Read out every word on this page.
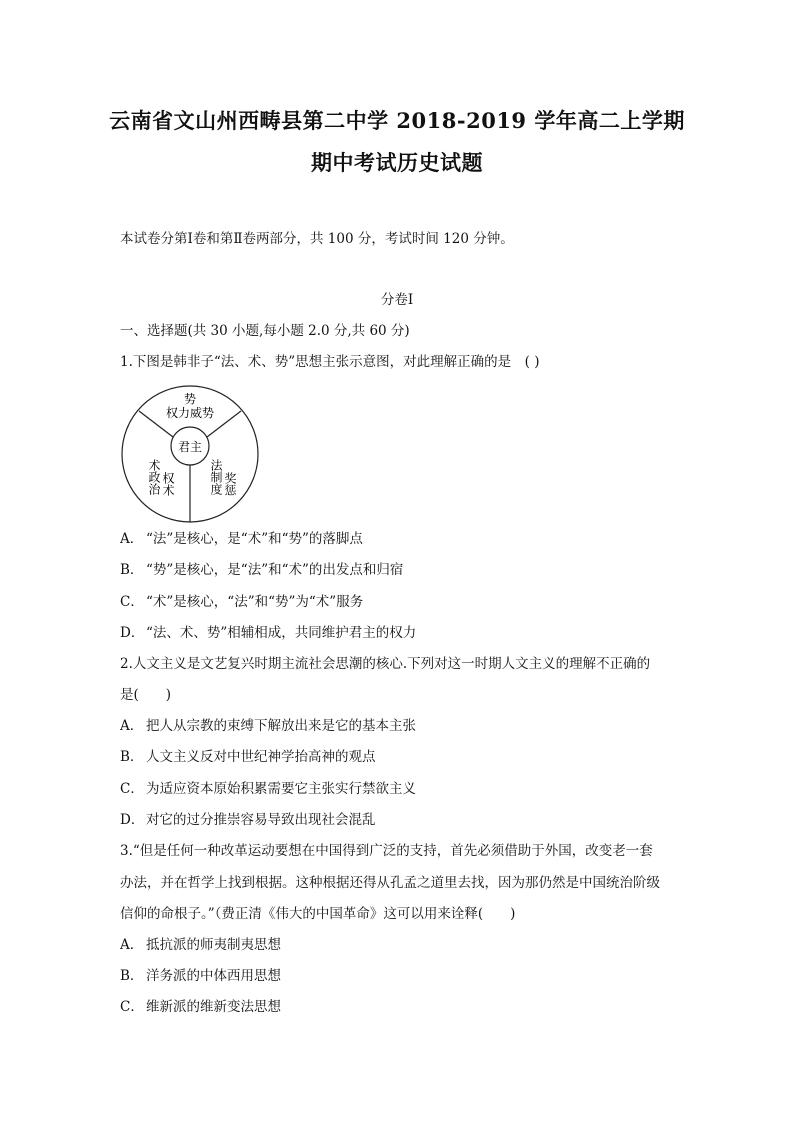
云南省文山州西畴县第二中学 2018-2019 学年高二上学期
期中考试历史试题
本试卷分第Ⅰ卷和第Ⅱ卷两部分，共 100 分，考试时间 120 分钟。
分卷Ⅰ
一、选择题(共 30 小题,每小题 2.0 分,共 60 分)
1.下图是韩非子“法、术、势”思想主张示意图，对此理解正确的是　( )
君主
势
权力威势
术政治 权术	法制度 奖惩
A． “法”是核心，是“术”和“势”的落脚点
B． “势”是核心，是“法”和“术”的出发点和归宿
C． “术”是核心，“法”和“势”为“术”服务
D． “法、术、势”相辅相成，共同维护君主的权力
2.人文主义是文艺复兴时期主流社会思潮的核心.下列对这一时期人文主义的理解不正确的
是(　　)
A． 把人从宗教的束缚下解放出来是它的基本主张
B． 人文主义反对中世纪神学抬高神的观点
C． 为适应资本原始积累需要它主张实行禁欲主义
D． 对它的过分推崇容易导致出现社会混乱
3.“但是任何一种改革运动要想在中国得到广泛的支持，首先必须借助于外国，改变老一套
办法，并在哲学上找到根据。这种根据还得从孔孟之道里去找，因为那仍然是中国统治阶级
信仰的命根子。”（费正清《伟大的中国革命》这可以用来诠释(　　)
A． 抵抗派的师夷制夷思想
B． 洋务派的中体西用思想
C． 维新派的维新变法思想
